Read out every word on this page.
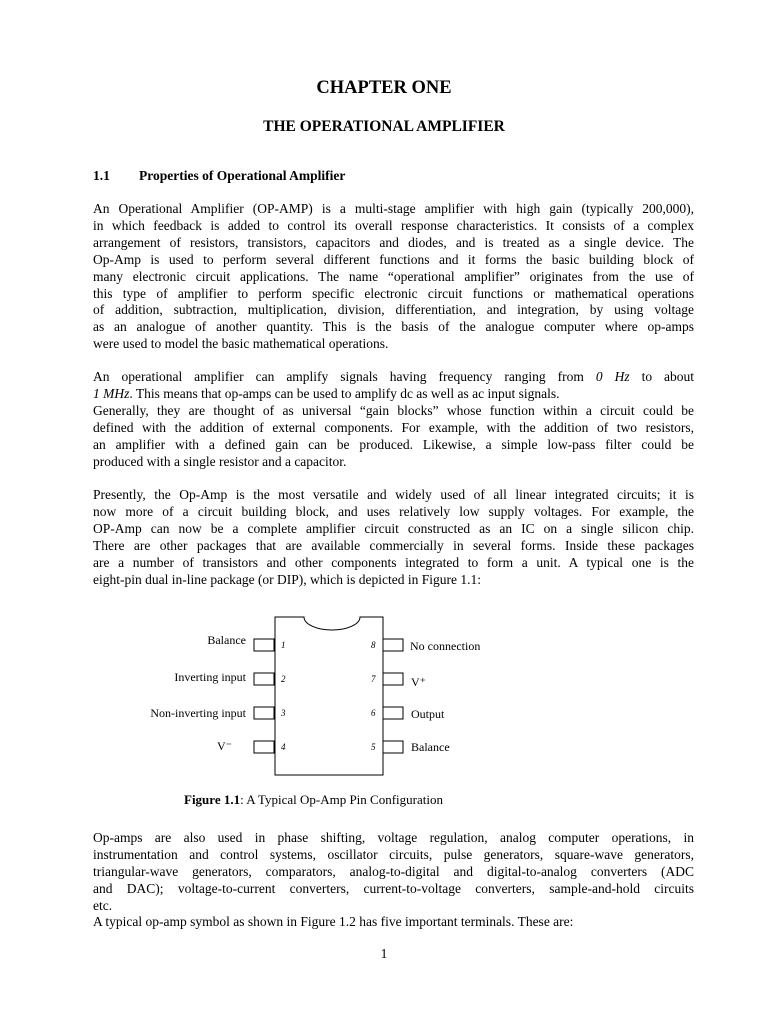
CHAPTER ONE
THE OPERATIONAL AMPLIFIER
1.1 Properties of Operational Amplifier
An Operational Amplifier (OP-AMP) is a multi-stage amplifier with high gain (typically 200,000),
in which feedback is added to control its overall response characteristics. It consists of a complex
arrangement of resistors, transistors, capacitors and diodes, and is treated as a single device. The
Op-Amp is used to perform several different functions and it forms the basic building block of
many electronic circuit applications. The name “operational amplifier” originates from the use of
this type of amplifier to perform specific electronic circuit functions or mathematical operations
of addition, subtraction, multiplication, division, differentiation, and integration, by using voltage
as an analogue of another quantity. This is the basis of the analogue computer where op-amps
were used to model the basic mathematical operations.
An operational amplifier can amplify signals having frequency ranging from 0 Hz to about
1 MHz. This means that op-amps can be used to amplify dc as well as ac input signals.
Generally, they are thought of as universal “gain blocks” whose function within a circuit could be
defined with the addition of external components. For example, with the addition of two resistors,
an amplifier with a defined gain can be produced. Likewise, a simple low-pass filter could be
produced with a single resistor and a capacitor.
Presently, the Op-Amp is the most versatile and widely used of all linear integrated circuits; it is
now more of a circuit building block, and uses relatively low supply voltages. For example, the
OP-Amp can now be a complete amplifier circuit constructed as an IC on a single silicon chip.
There are other packages that are available commercially in several forms. Inside these packages
are a number of transistors and other components integrated to form a unit. A typical one is the
eight-pin dual in-line package (or DIP), which is depicted in Figure 1.1:
1
2
3
4
8
7
6
5
Balance
Inverting input
Non-inverting input
V⁻
No connection
V⁺
Output
Balance
Figure 1.1: A Typical Op-Amp Pin Configuration
Op-amps are also used in phase shifting, voltage regulation, analog computer operations, in
instrumentation and control systems, oscillator circuits, pulse generators, square-wave generators,
triangular-wave generators, comparators, analog-to-digital and digital-to-analog converters (ADC
and DAC); voltage-to-current converters, current-to-voltage converters, sample-and-hold circuits
etc.
A typical op-amp symbol as shown in Figure 1.2 has five important terminals. These are:
1
